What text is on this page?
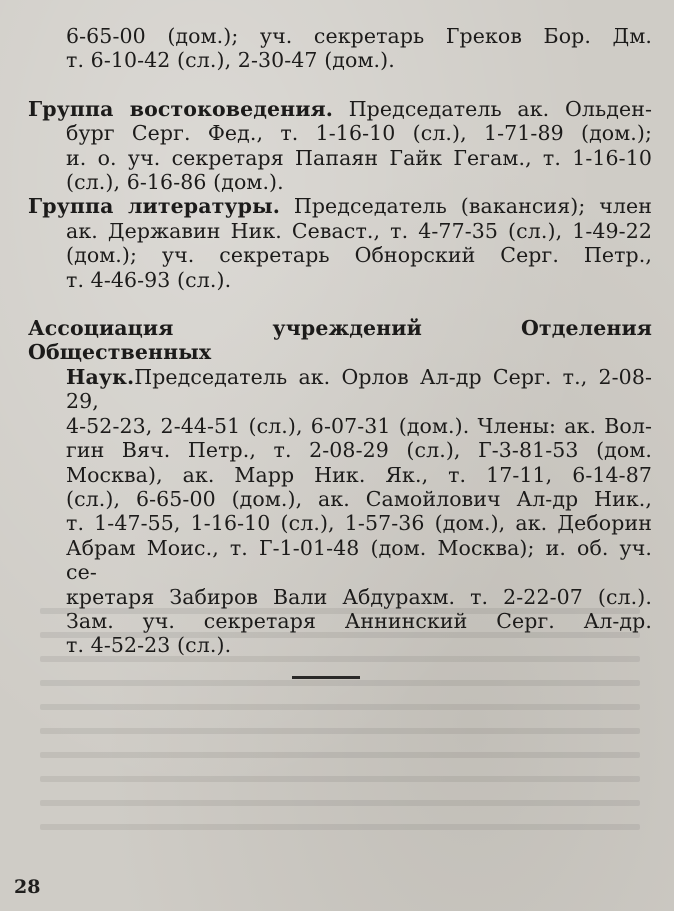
6-65-00 (дом.); уч. секретарь Греков Бор. Дм.
т. 6-10-42 (сл.), 2-30-47 (дом.).
Группа востоковедения. Председатель ак. Ольден-
бург Серг. Фед., т. 1-16-10 (сл.), 1-71-89 (дом.);
и. о. уч. секретаря Папаян Гайк Гегам., т. 1-16-10
(сл.), 6-16-86 (дом.).
Группа литературы. Председатель (вакансия); член
ак. Державин Ник. Севаст., т. 4-77-35 (сл.), 1-49-22
(дом.); уч. секретарь Обнорский Серг. Петр.,
т. 4-46-93 (сл.).
Ассоциация учреждений Отделения Общественных
Наук.Председатель ак. Орлов Ал-др Серг. т., 2-08-29,
4-52-23, 2-44-51 (сл.), 6-07-31 (дом.). Члены: ак. Вол-
гин Вяч. Петр., т. 2-08-29 (сл.), Г-3-81-53 (дом.
Москва), ак. Марр Ник. Як., т. 17-11, 6-14-87
(сл.), 6-65-00 (дом.), ак. Самойлович Ал-др Ник.,
т. 1-47-55, 1-16-10 (сл.), 1-57-36 (дом.), ак. Деборин
Абрам Моис., т. Г-1-01-48 (дом. Москва); и. об. уч. се-
кретаря Забиров Вали Абдурахм. т. 2-22-07 (сл.).
Зам. уч. секретаря Аннинский Серг. Ал-др.
т. 4-52-23 (сл.).
28
